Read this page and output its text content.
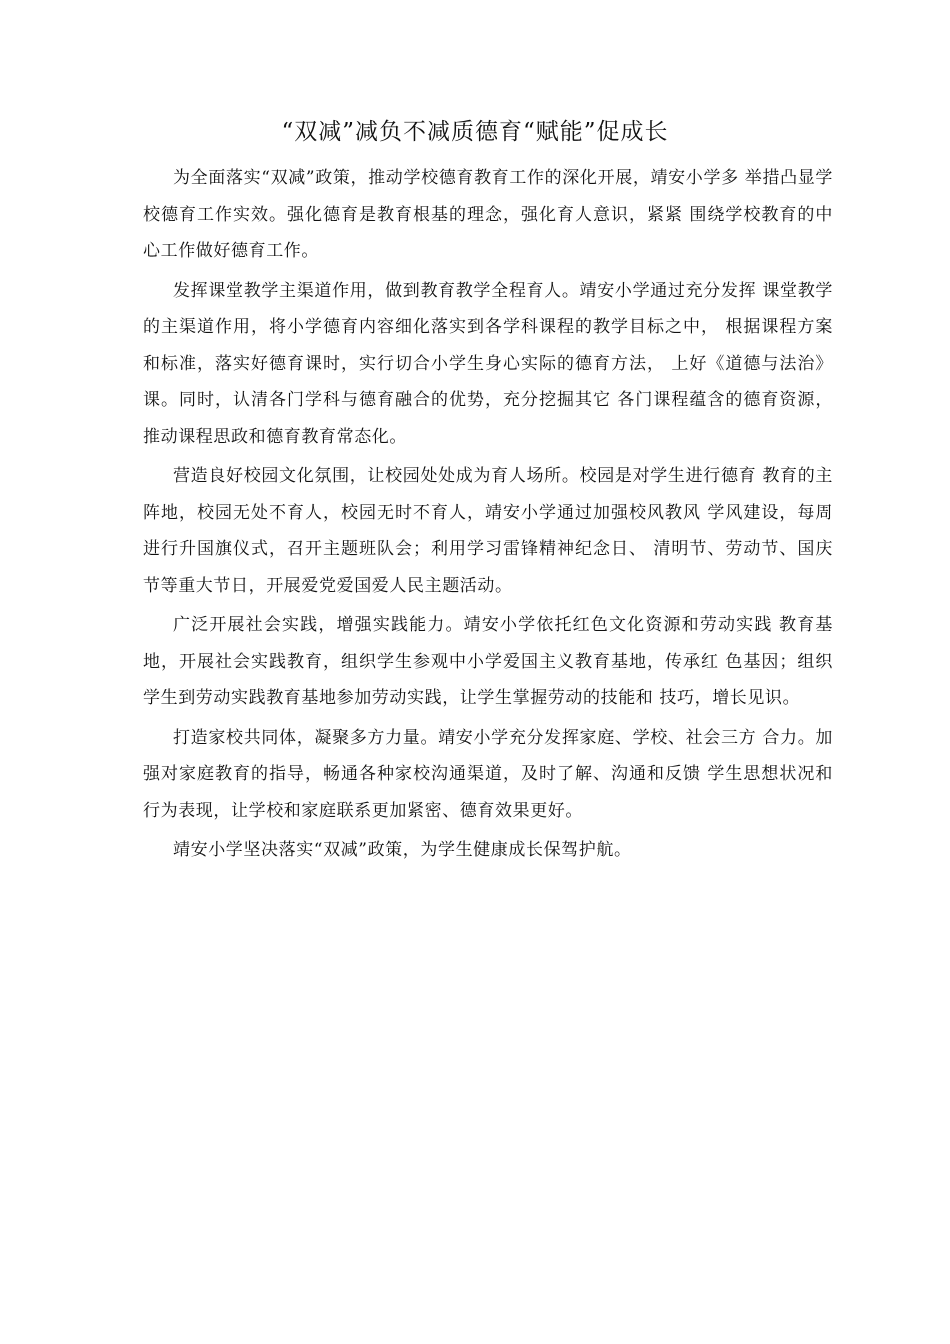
“双减”减负不减质德育“赋能”促成长

为全面落实“双减”政策，推动学校德育教育工作的深化开展，靖安小学多 举措凸显学校德育工作实效。强化德育是教育根基的理念，强化育人意识，紧紧 围绕学校教育的中心工作做好德育工作。

发挥课堂教学主渠道作用，做到教育教学全程育人。靖安小学通过充分发挥 课堂教学的主渠道作用，将小学德育内容细化落实到各学科课程的教学目标之中， 根据课程方案和标准，落实好德育课时，实行切合小学生身心实际的德育方法， 上好《道德与法治》课。同时，认清各门学科与德育融合的优势，充分挖掘其它 各门课程蕴含的德育资源，推动课程思政和德育教育常态化。

营造良好校园文化氛围，让校园处处成为育人场所。校园是对学生进行德育 教育的主阵地，校园无处不育人，校园无时不育人，靖安小学通过加强校风教风 学风建设，每周进行升国旗仪式，召开主题班队会；利用学习雷锋精神纪念日、 清明节、劳动节、国庆节等重大节日，开展爱党爱国爱人民主题活动。

广泛开展社会实践，增强实践能力。靖安小学依托红色文化资源和劳动实践 教育基地，开展社会实践教育，组织学生参观中小学爱国主义教育基地，传承红 色基因；组织学生到劳动实践教育基地参加劳动实践，让学生掌握劳动的技能和 技巧，增长见识。

打造家校共同体，凝聚多方力量。靖安小学充分发挥家庭、学校、社会三方 合力。加强对家庭教育的指导，畅通各种家校沟通渠道，及时了解、沟通和反馈 学生思想状况和行为表现，让学校和家庭联系更加紧密、德育效果更好。

靖安小学坚决落实“双减”政策，为学生健康成长保驾护航。
